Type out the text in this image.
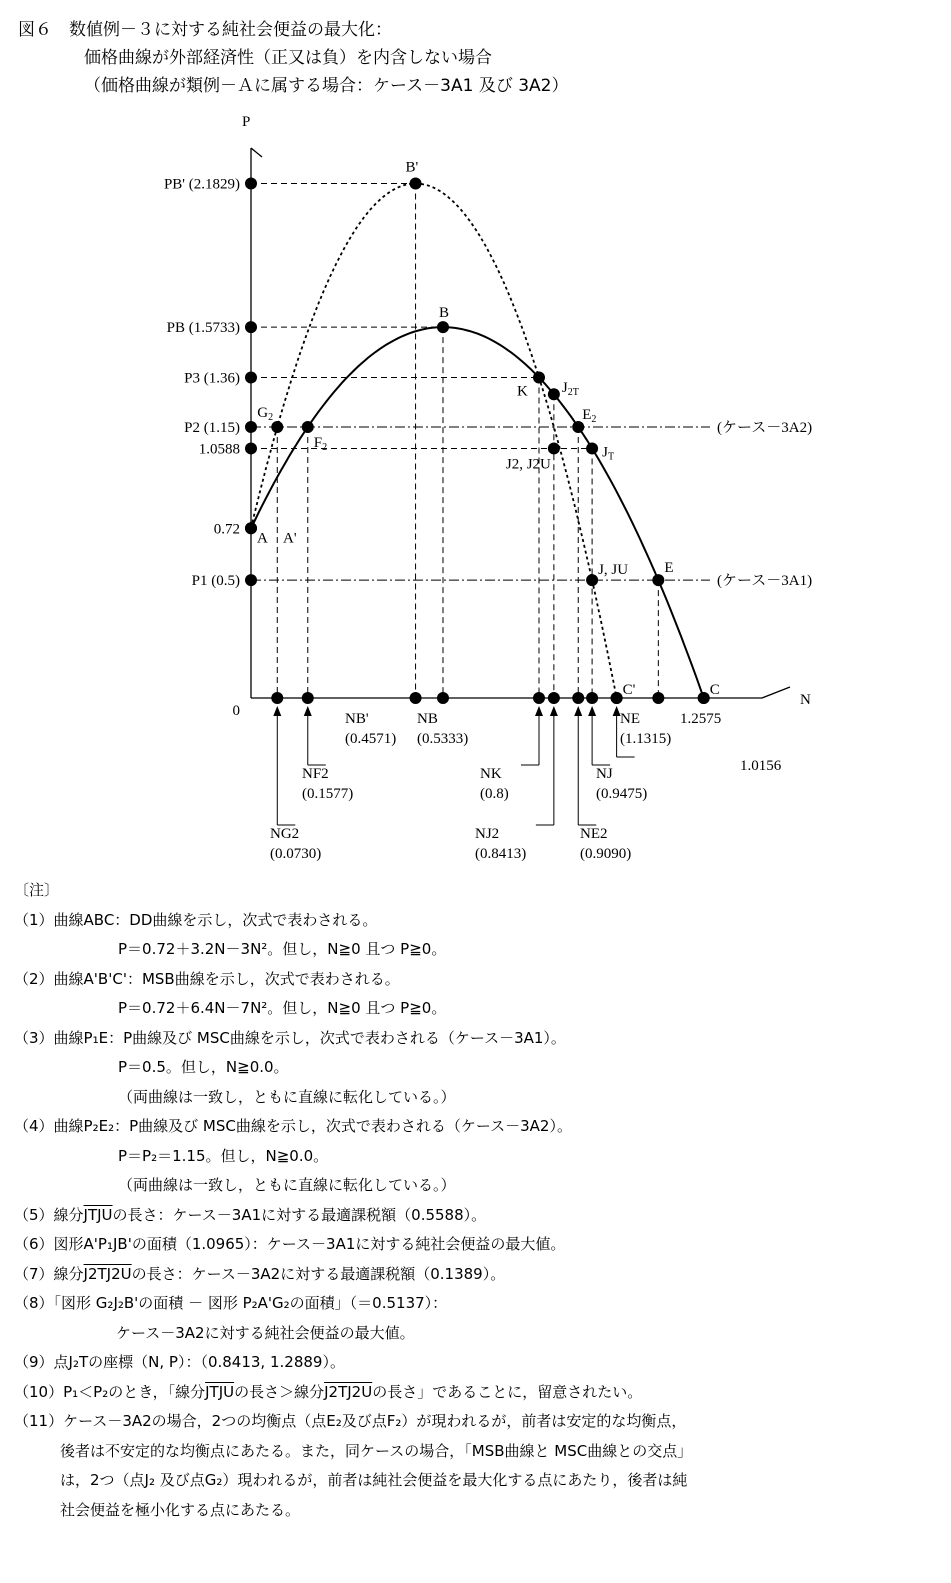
図６　数値例－３に対する純社会便益の最大化：
価格曲線が外部経済性（正又は負）を内含しない場合
（価格曲線が類例－Ａに属する場合：ケース－3A1 及び 3A2）
(ケース－3A1)
(ケース－3A2)
A A'
B
B'
C
C'
E
$E_2$
$F_2$
$G_2$
K $J_{2T}$
J2, J2U
$J_T$
J, JU
PB' (2.1829)
PB (1.5733)
P3 (1.36)
P2 (1.15)
1.0588
0.72
P1 (0.5)
0
NG2 (0.0730)
NF2 (0.1577)
NB' (0.4571)
NB (0.5333)
NK (0.8)
NJ2 (0.8413)
NE2 (0.9090)
NJ (0.9475)
1.0156
NE (1.1315)
1.2575
P
N
〔注〕
（1）曲線ABC：DD曲線を示し，次式で表わされる。
P＝0.72＋3.2N－3N²。但し，N≧0 且つ P≧0。
（2）曲線A'B'C'：MSB曲線を示し，次式で表わされる。
P＝0.72＋6.4N－7N²。但し，N≧0 且つ P≧0。
（3）曲線P₁E：P曲線及び MSC曲線を示し，次式で表わされる（ケース－3A1）。
P＝0.5。但し，N≧0.0。
（両曲線は一致し，ともに直線に転化している。）
（4）曲線P₂E₂：P曲線及び MSC曲線を示し，次式で表わされる（ケース－3A2）。
P＝P₂＝1.15。但し，N≧0.0。
（両曲線は一致し，ともに直線に転化している。）
（5）線分JTJUの長さ：ケース－3A1に対する最適課税額（0.5588）。
（6）図形A'P₁JB'の面積（1.0965）：ケース－3A1に対する純社会便益の最大値。
（7）線分J2TJ2Uの長さ：ケース－3A2に対する最適課税額（0.1389）。
（8）「図形 G₂J₂B'の面積 － 図形 P₂A'G₂の面積」（＝0.5137）：
ケース－3A2に対する純社会便益の最大値。
（9）点J₂Tの座標（N, P）：（0.8413, 1.2889）。
（10）P₁＜P₂のとき，「線分JTJUの長さ＞線分J2TJ2Uの長さ」であることに，留意されたい。
（11）ケース－3A2の場合，2つの均衡点（点E₂及び点F₂）が現われるが，前者は安定的な均衡点，
後者は不安定的な均衡点にあたる。また，同ケースの場合，「MSB曲線と MSC曲線との交点」
は，2つ（点J₂ 及び点G₂）現われるが，前者は純社会便益を最大化する点にあたり，後者は純
社会便益を極小化する点にあたる。
